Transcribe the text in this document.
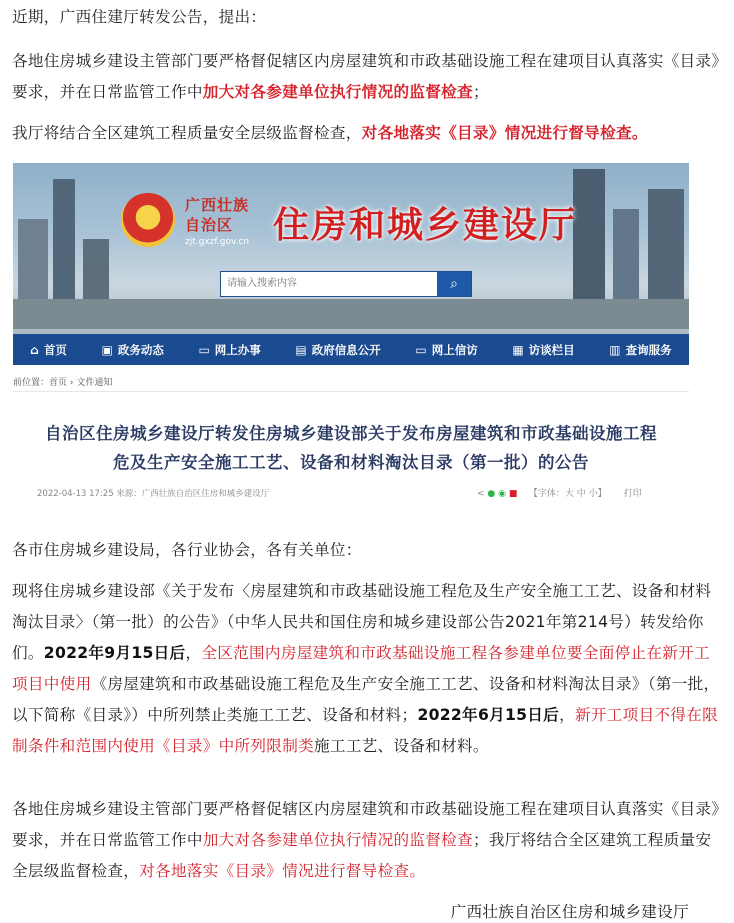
近期，广西住建厅转发公告，提出：

各地住房城乡建设主管部门要严格督促辖区内房屋建筑和市政基础设施工程在建项目认真落实《目录》要求，并在日常监管工作中加大对各参建单位执行情况的监督检查；

我厅将结合全区建筑工程质量安全层级监督检查，对各地落实《目录》情况进行督导检查。

★ 广西壮族
自治区
zjt.gxzf.gov.cn 住房和城乡建设厅
请输入搜索内容
⌕
⌂ 首页	▣ 政务动态	▭ 网上办事	▤ 政府信息公开	▭ 网上信访	▦ 访谈栏目	▥ 查询服务
前位置：首页 › 文件通知
自治区住房城乡建设厅转发住房城乡建设部关于发布房屋建筑和市政基础设施工程
危及生产安全施工工艺、设备和材料淘汰目录（第一批）的公告
2022-04-13 17:25 来源：广西壮族自治区住房和城乡建设厅	< ● ◉ ■ 【字体：大 中 小】 打印

各市住房城乡建设局，各行业协会，各有关单位：

现将住房城乡建设部《关于发布〈房屋建筑和市政基础设施工程危及生产安全施工工艺、设备和材料淘汰目录〉（第一批）的公告》（中华人民共和国住房和城乡建设部公告2021年第214号）转发给你们。2022年9月15日后，全区范围内房屋建筑和市政基础设施工程各参建单位要全面停止在新开工项目中使用《房屋建筑和市政基础设施工程危及生产安全施工工艺、设备和材料淘汰目录》（第一批，以下简称《目录》）中所列禁止类施工工艺、设备和材料；2022年6月15日后，新开工项目不得在限制条件和范围内使用《目录》中所列限制类施工工艺、设备和材料。

各地住房城乡建设主管部门要严格督促辖区内房屋建筑和市政基础设施工程在建项目认真落实《目录》要求，并在日常监管工作中加大对各参建单位执行情况的监督检查；我厅将结合全区建筑工程质量安全层级监督检查，对各地落实《目录》情况进行督导检查。

广西壮族自治区住房和城乡建设厅
